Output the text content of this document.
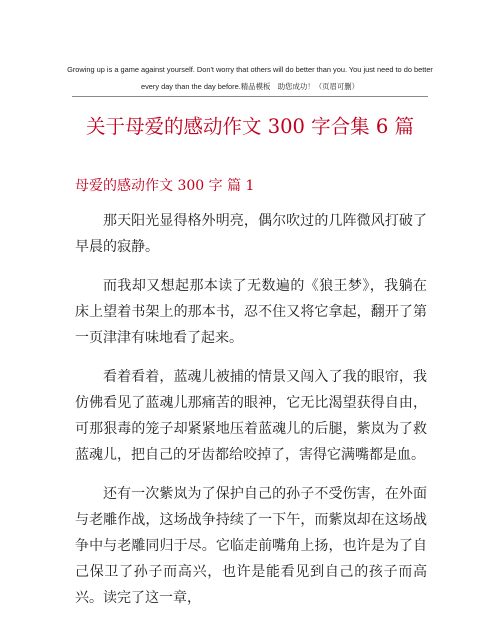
Growing up is a game against yourself. Don't worry that others will do better than you. You just need to do better every day than the day before.精品模板　助您成功！（页眉可删）
关于母爱的感动作文 300 字合集 6 篇
母爱的感动作文 300 字 篇 1

那天阳光显得格外明亮，偶尔吹过的几阵微风打破了早晨的寂静。

而我却又想起那本读了无数遍的《狼王梦》，我躺在床上望着书架上的那本书，忍不住又将它拿起，翻开了第一页津津有味地看了起来。

看着看着，蓝魂儿被捕的情景又闯入了我的眼帘，我仿佛看见了蓝魂儿那痛苦的眼神，它无比渴望获得自由，可那狠毒的笼子却紧紧地压着蓝魂儿的后腿，紫岚为了救蓝魂儿，把自己的牙齿都给咬掉了，害得它满嘴都是血。

还有一次紫岚为了保护自己的孙子不受伤害，在外面与老雕作战，这场战争持续了一下午，而紫岚却在这场战争中与老雕同归于尽。它临走前嘴角上扬，也许是为了自己保卫了孙子而高兴，也许是能看见到自己的孩子而高兴。读完了这一章，
